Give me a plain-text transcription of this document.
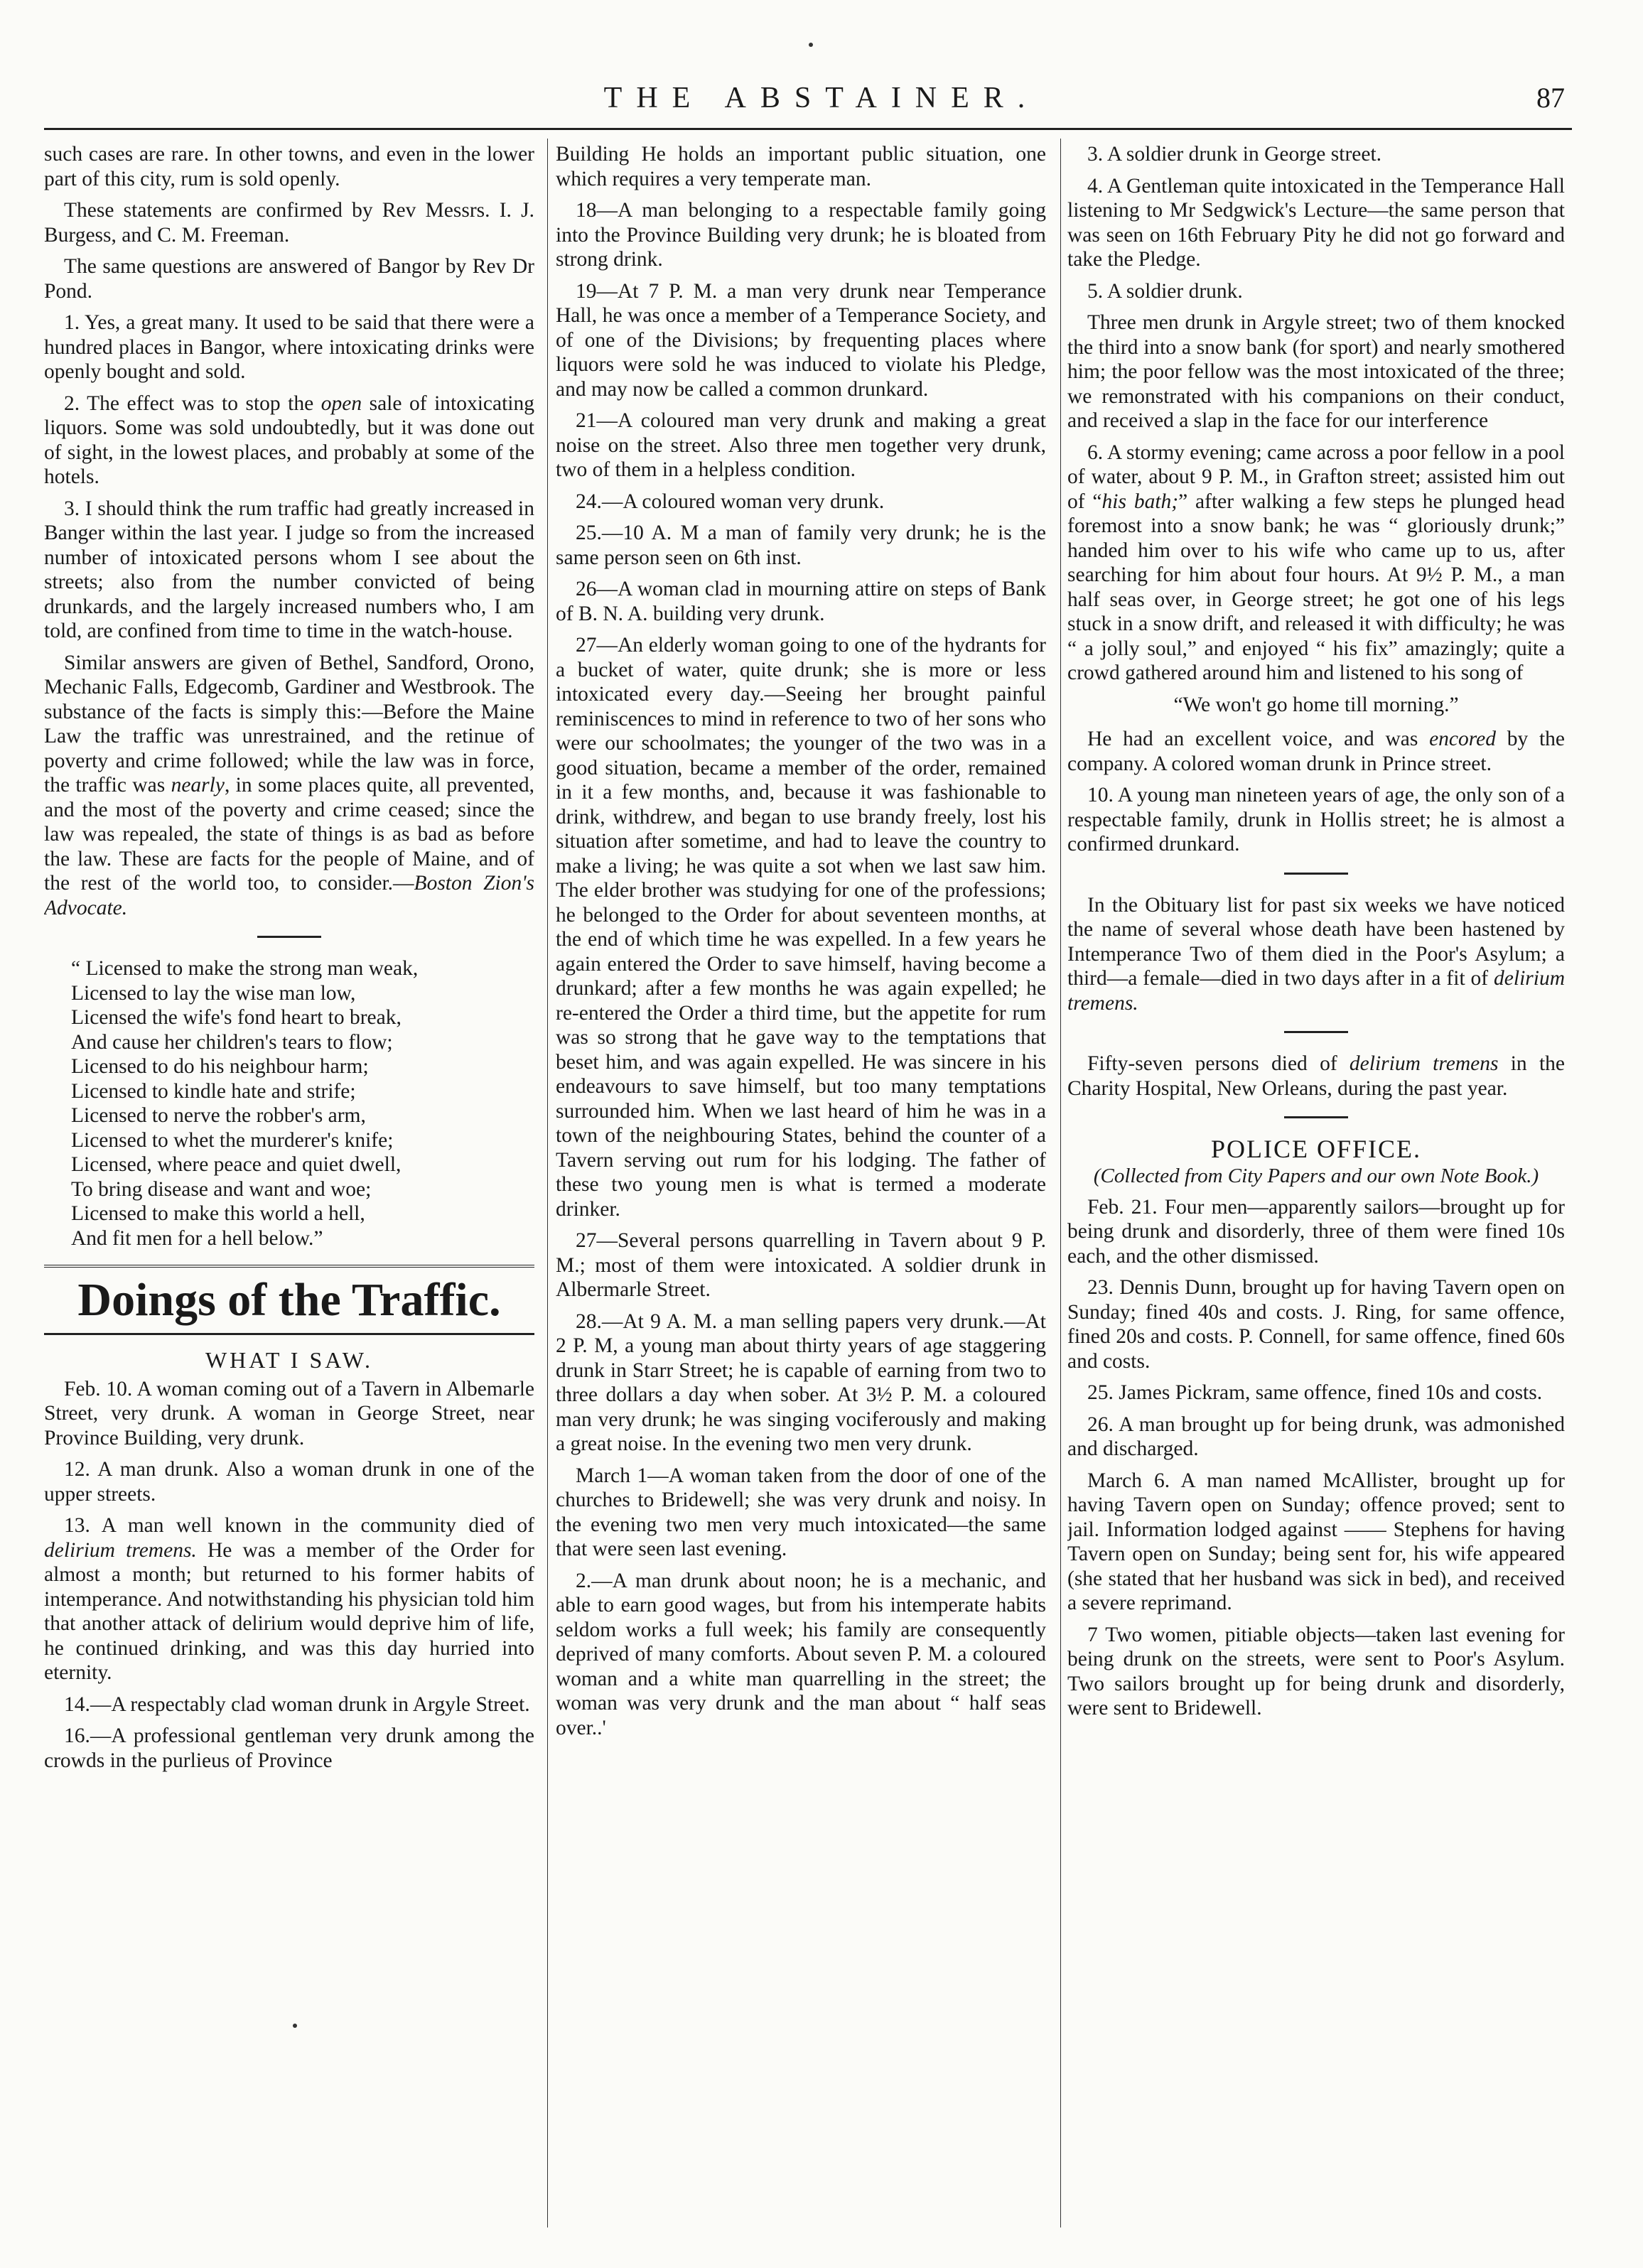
THE ABSTAINER.	87

such cases are rare. In other towns, and even in the lower part of this city, rum is sold openly.

These statements are confirmed by Rev Messrs. I. J. Burgess, and C. M. Freeman.

The same questions are answered of Bangor by Rev Dr Pond.

1. Yes, a great many. It used to be said that there were a hundred places in Bangor, where intoxicating drinks were openly bought and sold.

2. The effect was to stop the open sale of intoxicating liquors. Some was sold undoubtedly, but it was done out of sight, in the lowest places, and probably at some of the hotels.

3. I should think the rum traffic had greatly increased in Banger within the last year. I judge so from the increased number of intoxicated persons whom I see about the streets; also from the number convicted of being drunkards, and the largely increased numbers who, I am told, are confined from time to time in the watch-house.

Similar answers are given of Bethel, Sandford, Orono, Mechanic Falls, Edgecomb, Gardiner and Westbrook. The substance of the facts is simply this:—Before the Maine Law the traffic was unrestrained, and the retinue of poverty and crime followed; while the law was in force, the traffic was nearly, in some places quite, all prevented, and the most of the poverty and crime ceased; since the law was repealed, the state of things is as bad as before the law. These are facts for the people of Maine, and of the rest of the world too, to consider.—Boston Zion's Advocate.

“ Licensed to make the strong man weak,
Licensed to lay the wise man low,
Licensed the wife's fond heart to break,
And cause her children's tears to flow;
Licensed to do his neighbour harm;
Licensed to kindle hate and strife;
Licensed to nerve the robber's arm,
Licensed to whet the murderer's knife;
Licensed, where peace and quiet dwell,
To bring disease and want and woe;
Licensed to make this world a hell,
And fit men for a hell below.”
Doings of the Traffic.
WHAT I SAW.

Feb. 10. A woman coming out of a Tavern in Albemarle Street, very drunk. A woman in George Street, near Province Building, very drunk.

12. A man drunk. Also a woman drunk in one of the upper streets.

13. A man well known in the community died of delirium tremens. He was a member of the Order for almost a month; but returned to his former habits of intemperance. And notwithstanding his physician told him that another attack of delirium would deprive him of life, he continued drinking, and was this day hurried into eternity.

14.—A respectably clad woman drunk in Argyle Street.

16.—A professional gentleman very drunk among the crowds in the purlieus of Province

Building He holds an important public situation, one which requires a very temperate man.

18—A man belonging to a respectable family going into the Province Building very drunk; he is bloated from strong drink.

19—At 7 P. M. a man very drunk near Temperance Hall, he was once a member of a Temperance Society, and of one of the Divisions; by frequenting places where liquors were sold he was induced to violate his Pledge, and may now be called a common drunkard.

21—A coloured man very drunk and making a great noise on the street. Also three men together very drunk, two of them in a helpless condition.

24.—A coloured woman very drunk.

25.—10 A. M a man of family very drunk; he is the same person seen on 6th inst.

26—A woman clad in mourning attire on steps of Bank of B. N. A. building very drunk.

27—An elderly woman going to one of the hydrants for a bucket of water, quite drunk; she is more or less intoxicated every day.—Seeing her brought painful reminiscences to mind in reference to two of her sons who were our schoolmates; the younger of the two was in a good situation, became a member of the order, remained in it a few months, and, because it was fashionable to drink, withdrew, and began to use brandy freely, lost his situation after sometime, and had to leave the country to make a living; he was quite a sot when we last saw him. The elder brother was studying for one of the professions; he belonged to the Order for about seventeen months, at the end of which time he was expelled. In a few years he again entered the Order to save himself, having become a drunkard; after a few months he was again expelled; he re-entered the Order a third time, but the appetite for rum was so strong that he gave way to the temptations that beset him, and was again expelled. He was sincere in his endeavours to save himself, but too many temptations surrounded him. When we last heard of him he was in a town of the neighbouring States, behind the counter of a Tavern serving out rum for his lodging. The father of these two young men is what is termed a moderate drinker.

27—Several persons quarrelling in Tavern about 9 P. M.; most of them were intoxicated. A soldier drunk in Albermarle Street.

28.—At 9 A. M. a man selling papers very drunk.—At 2 P. M, a young man about thirty years of age staggering drunk in Starr Street; he is capable of earning from two to three dollars a day when sober. At 3½ P. M. a coloured man very drunk; he was singing vociferously and making a great noise. In the evening two men very drunk.

March 1—A woman taken from the door of one of the churches to Bridewell; she was very drunk and noisy. In the evening two men very much intoxicated—the same that were seen last evening.

2.—A man drunk about noon; he is a mechanic, and able to earn good wages, but from his intemperate habits seldom works a full week; his family are consequently deprived of many comforts. About seven P. M. a coloured woman and a white man quarrelling in the street; the woman was very drunk and the man about “ half seas over..'

3. A soldier drunk in George street.

4. A Gentleman quite intoxicated in the Temperance Hall listening to Mr Sedgwick's Lecture—the same person that was seen on 16th February Pity he did not go forward and take the Pledge.

5. A soldier drunk.

Three men drunk in Argyle street; two of them knocked the third into a snow bank (for sport) and nearly smothered him; the poor fellow was the most intoxicated of the three; we remonstrated with his companions on their conduct, and received a slap in the face for our interference

6. A stormy evening; came across a poor fellow in a pool of water, about 9 P. M., in Grafton street; assisted him out of “his bath;” after walking a few steps he plunged head foremost into a snow bank; he was “ gloriously drunk;” handed him over to his wife who came up to us, after searching for him about four hours. At 9½ P. M., a man half seas over, in George street; he got one of his legs stuck in a snow drift, and released it with difficulty; he was “ a jolly soul,” and enjoyed “ his fix” amazingly; quite a crowd gathered around him and listened to his song of

“We won't go home till morning.”

He had an excellent voice, and was encored by the company. A colored woman drunk in Prince street.

10. A young man nineteen years of age, the only son of a respectable family, drunk in Hollis street; he is almost a confirmed drunkard.

In the Obituary list for past six weeks we have noticed the name of several whose death have been hastened by Intemperance Two of them died in the Poor's Asylum; a third—a female—died in two days after in a fit of delirium tremens.

Fifty-seven persons died of delirium tremens in the Charity Hospital, New Orleans, during the past year.

POLICE OFFICE.
(Collected from City Papers and our own Note Book.)

Feb. 21. Four men—apparently sailors—brought up for being drunk and disorderly, three of them were fined 10s each, and the other dismissed.

23. Dennis Dunn, brought up for having Tavern open on Sunday; fined 40s and costs. J. Ring, for same offence, fined 20s and costs. P. Connell, for same offence, fined 60s and costs.

25. James Pickram, same offence, fined 10s and costs.

26. A man brought up for being drunk, was admonished and discharged.

March 6. A man named McAllister, brought up for having Tavern open on Sunday; offence proved; sent to jail. Information lodged against —— Stephens for having Tavern open on Sunday; being sent for, his wife appeared (she stated that her husband was sick in bed), and received a severe reprimand.

7 Two women, pitiable objects—taken last evening for being drunk on the streets, were sent to Poor's Asylum. Two sailors brought up for being drunk and disorderly, were sent to Bridewell.
